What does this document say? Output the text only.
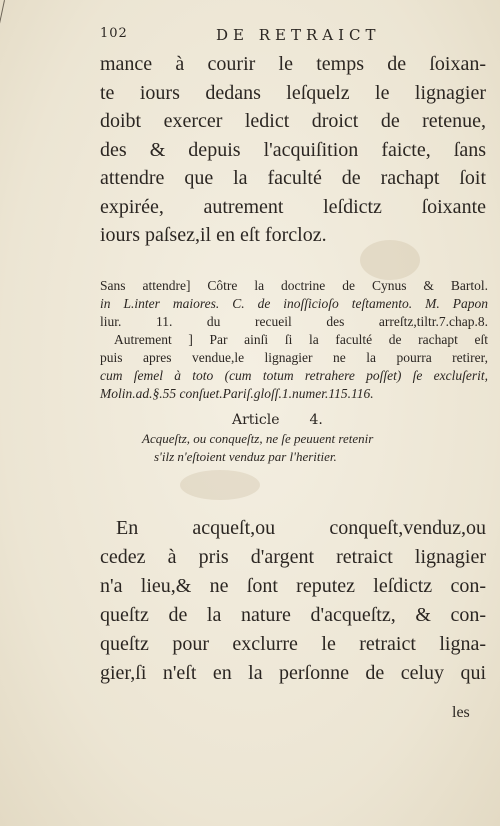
102	DE RETRAICT
mance à courir le temps de ſoixan-
te iours dedans leſquelz le lignagier
doibt exercer ledict droict de retenue,
des & depuis l'acquiſition faicte, ſans
attendre que la faculté de rachapt ſoit
expirée, autrement leſdictz ſoixante
iours paſsez,il en eſt forcloz.
Sans attendre] Côtre la doctrine de Cynus & Bartol.
in L.inter maiores. C. de inoſſicioſo teſtamento. M. Papon
liur. 11. du recueil des arreſtz,tiltr.7.chap.8.
Autrement ] Par ainſi ſi la faculté de rachapt eſt
puis apres vendue,le lignagier ne la pourra retirer,
cum ſemel à toto (cum totum retrahere poſſet) ſe excluſerit,
Molin.ad.§.55 conſuet.Pariſ.gloſſ.1.numer.115.116.
Article 4.
Acqueſtz, ou conqueſtz, ne ſe peuuent retenir
s'ilz n'eſtoient venduz par l'heritier.
En acqueſt,ou conqueſt,venduz,ou
cedez à pris d'argent retraict lignagier
n'a lieu,& ne ſont reputez leſdictz con-
queſtz de la nature d'acqueſtz, & con-
queſtz pour exclurre le retraict ligna-
gier,ſi n'eſt en la perſonne de celuy qui
les
